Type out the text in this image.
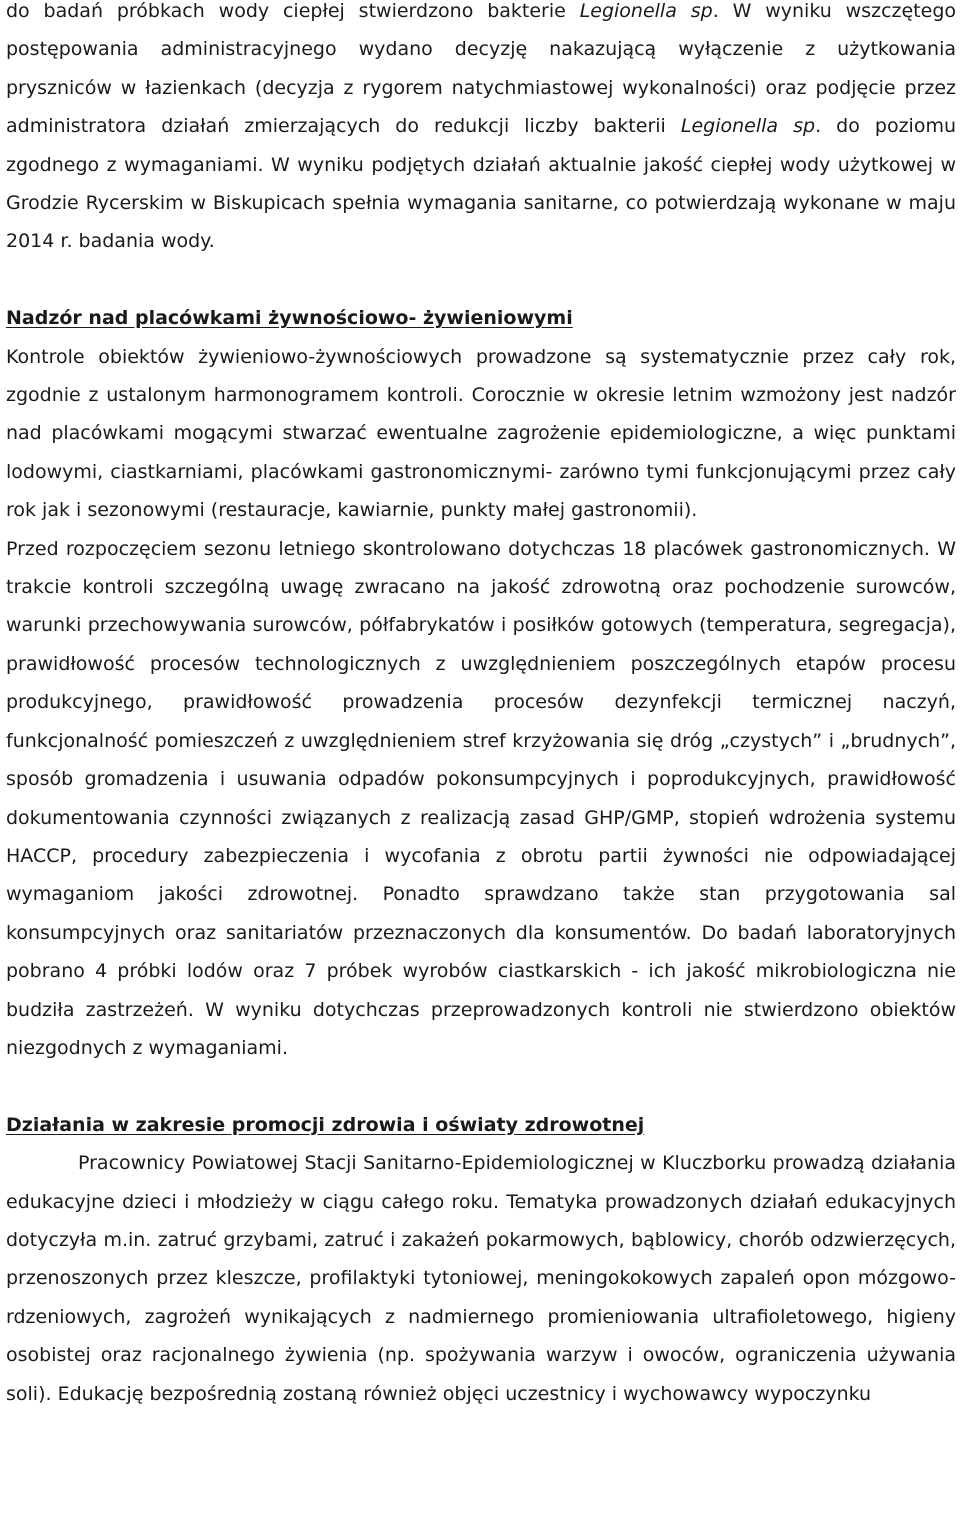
do badań próbkach wody ciepłej stwierdzono bakterie Legionella sp. W wyniku wszczętego postępowania administracyjnego wydano decyzję nakazującą wyłączenie z użytkowania pryszniców w łazienkach (decyzja z rygorem natychmiastowej wykonalności) oraz podjęcie przez administratora działań zmierzających do redukcji liczby bakterii Legionella sp. do poziomu zgodnego z wymaganiami. W wyniku podjętych działań aktualnie jakość ciepłej wody użytkowej w Grodzie Rycerskim w Biskupicach spełnia wymagania sanitarne, co potwierdzają wykonane w maju 2014 r. badania wody.

Nadzór nad placówkami żywnościowo- żywieniowymi

Kontrole obiektów żywieniowo-żywnościowych prowadzone są systematycznie przez cały rok, zgodnie z ustalonym harmonogramem kontroli. Corocznie w okresie letnim wzmożony jest nadzór nad placówkami mogącymi stwarzać ewentualne zagrożenie epidemiologiczne, a więc punktami lodowymi, ciastkarniami, placówkami gastronomicznymi- zarówno tymi funkcjonującymi przez cały rok jak i sezonowymi (restauracje, kawiarnie, punkty małej gastronomii).

Przed rozpoczęciem sezonu letniego skontrolowano dotychczas 18 placówek gastronomicznych. W trakcie kontroli szczególną uwagę zwracano na jakość zdrowotną oraz pochodzenie surowców, warunki przechowywania surowców, półfabrykatów i posiłków gotowych (temperatura, segregacja), prawidłowość procesów technologicznych z uwzględnieniem poszczególnych etapów procesu produkcyjnego, prawidłowość prowadzenia procesów dezynfekcji termicznej naczyń, funkcjonalność pomieszczeń z uwzględnieniem stref krzyżowania się dróg „czystych” i „brudnych”, sposób gromadzenia i usuwania odpadów pokonsumpcyjnych i poprodukcyjnych, prawidłowość dokumentowania czynności związanych z realizacją zasad GHP/GMP, stopień wdrożenia systemu HACCP, procedury zabezpieczenia i wycofania z obrotu partii żywności nie odpowiadającej wymaganiom jakości zdrowotnej. Ponadto sprawdzano także stan przygotowania sal konsumpcyjnych oraz sanitariatów przeznaczonych dla konsumentów. Do badań laboratoryjnych pobrano 4 próbki lodów oraz 7 próbek wyrobów ciastkarskich - ich jakość mikrobiologiczna nie budziła zastrzeżeń. W wyniku dotychczas przeprowadzonych kontroli nie stwierdzono obiektów niezgodnych z wymaganiami.

Działania w zakresie promocji zdrowia i oświaty zdrowotnej

Pracownicy Powiatowej Stacji Sanitarno-Epidemiologicznej w Kluczborku prowadzą działania edukacyjne dzieci i młodzieży w ciągu całego roku. Tematyka prowadzonych działań edukacyjnych dotyczyła m.in. zatruć grzybami, zatruć i zakażeń pokarmowych, bąblowicy, chorób odzwierzęcych, przenoszonych przez kleszcze, profilaktyki tytoniowej, meningokokowych zapaleń opon mózgowo-rdzeniowych, zagrożeń wynikających z nadmiernego promieniowania ultrafioletowego, higieny osobistej oraz racjonalnego żywienia (np. spożywania warzyw i owoców, ograniczenia używania soli). Edukację bezpośrednią zostaną również objęci uczestnicy i wychowawcy wypoczynku
